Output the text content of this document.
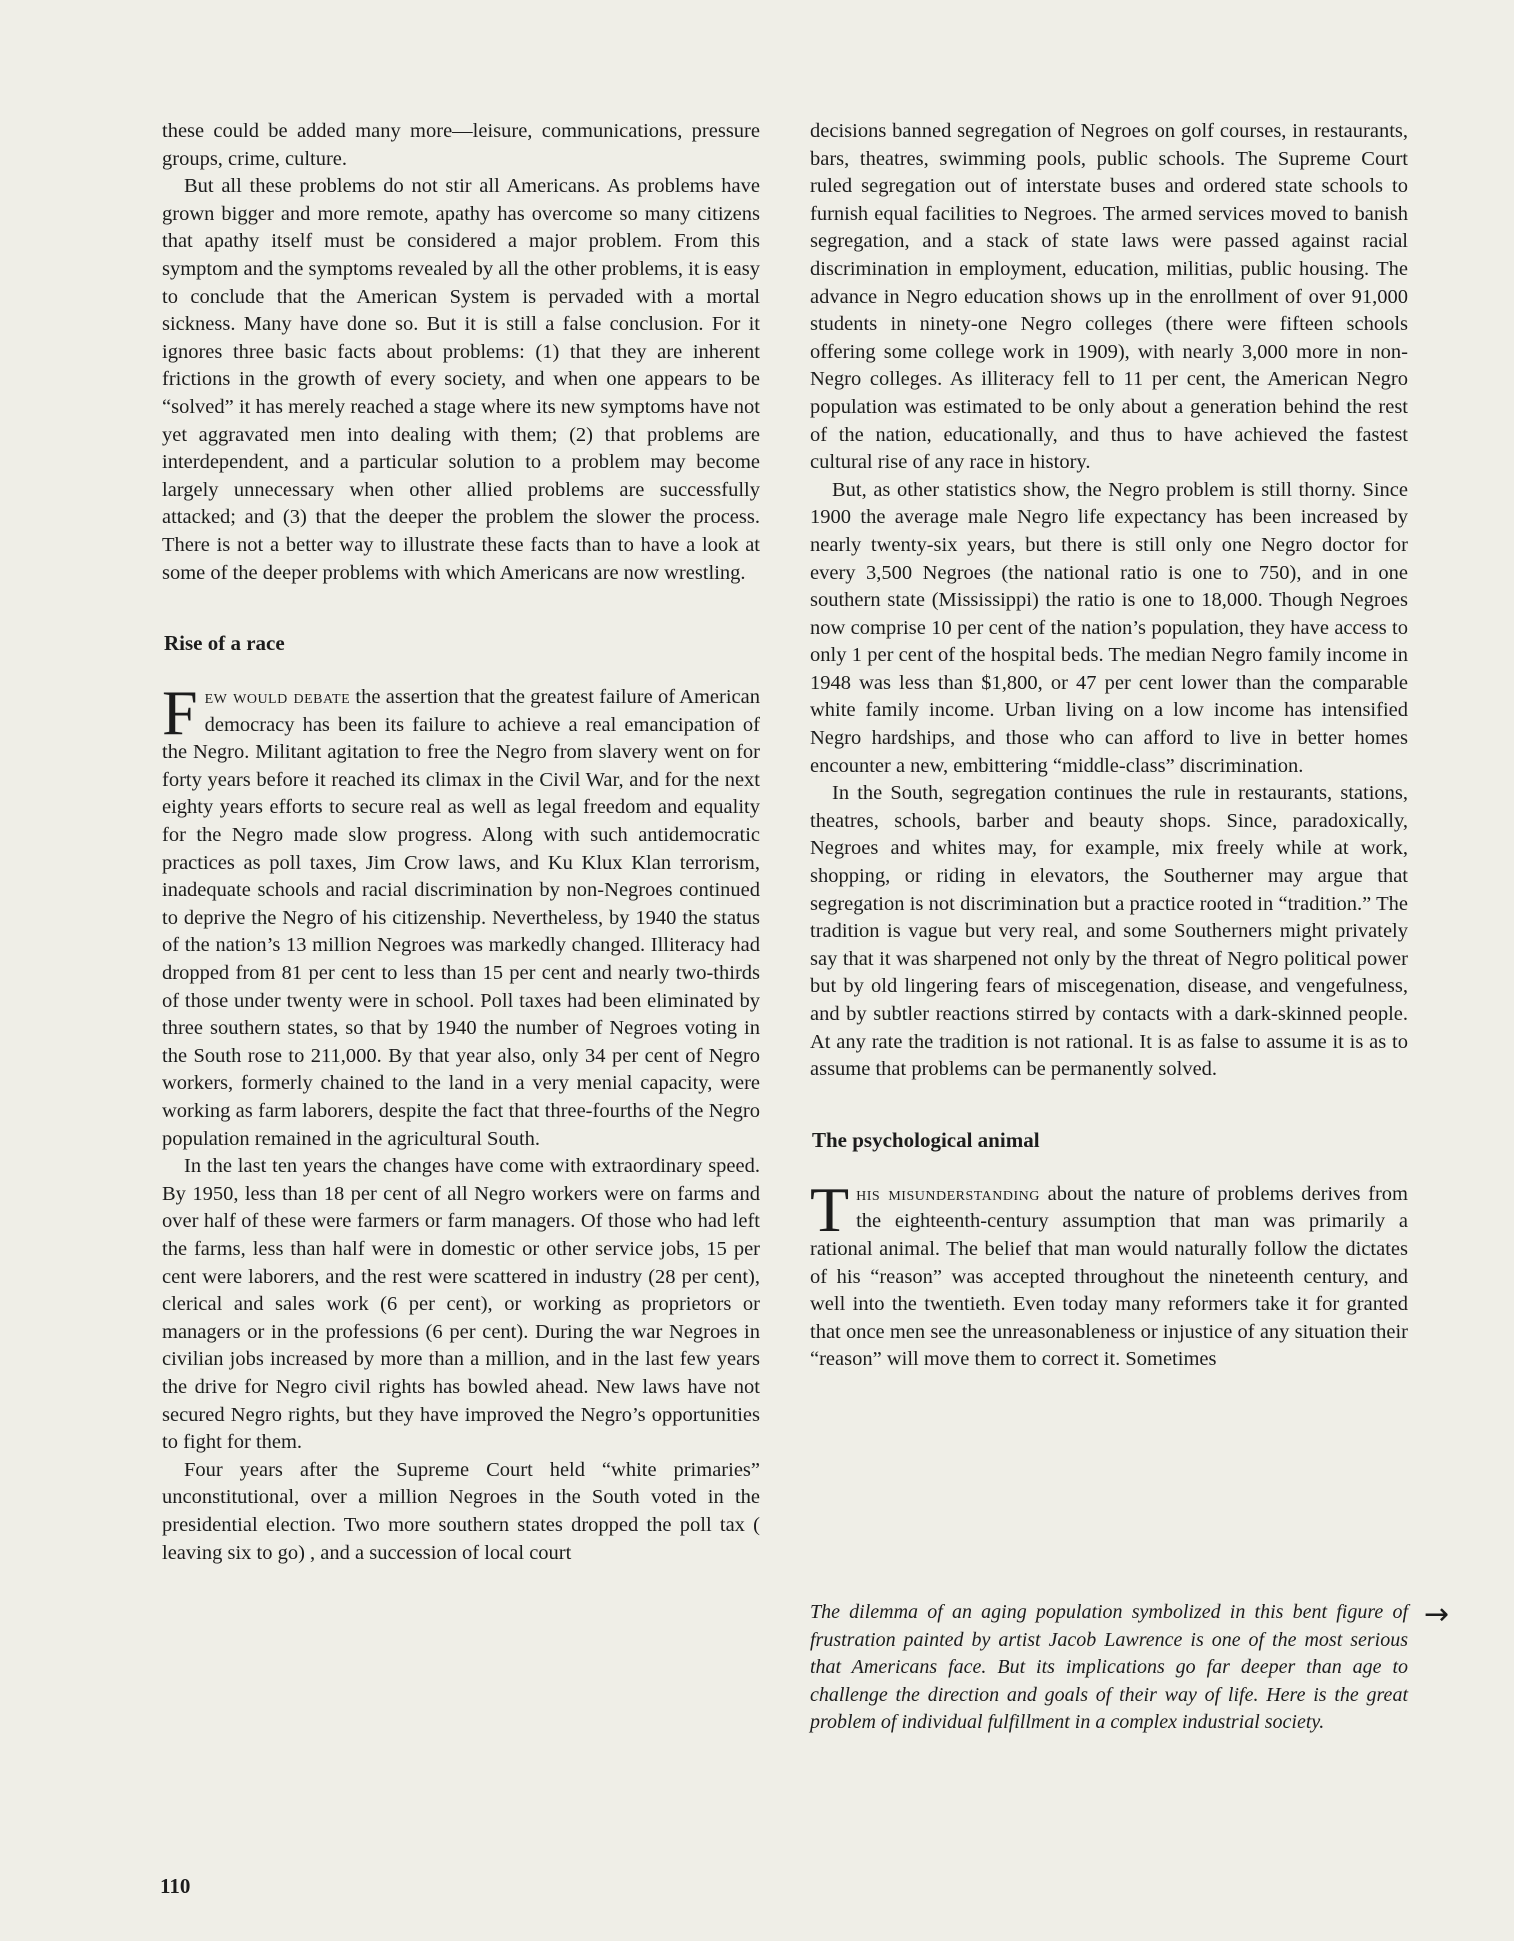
these could be added many more—leisure, communications, pressure groups, crime, culture.

But all these problems do not stir all Americans. As problems have grown bigger and more remote, apathy has overcome so many citizens that apathy itself must be considered a major problem. From this symptom and the symptoms revealed by all the other problems, it is easy to conclude that the American System is pervaded with a mortal sickness. Many have done so. But it is still a false conclusion. For it ignores three basic facts about problems: (1) that they are inherent frictions in the growth of every society, and when one appears to be “solved” it has merely reached a stage where its new symptoms have not yet aggravated men into dealing with them; (2) that problems are interdependent, and a particular solution to a problem may become largely unnecessary when other allied problems are successfully attacked; and (3) that the deeper the problem the slower the process. There is not a better way to illustrate these facts than to have a look at some of the deeper problems with which Americans are now wrestling.

Rise of a race

Few would debate the assertion that the greatest failure of American democracy has been its failure to achieve a real emancipation of the Negro. Militant agitation to free the Negro from slavery went on for forty years before it reached its climax in the Civil War, and for the next eighty years efforts to secure real as well as legal freedom and equality for the Negro made slow progress. Along with such antidemocratic practices as poll taxes, Jim Crow laws, and Ku Klux Klan terrorism, inadequate schools and racial discrimination by non-Negroes continued to deprive the Negro of his citizenship. Nevertheless, by 1940 the status of the nation’s 13 million Negroes was markedly changed. Illiteracy had dropped from 81 per cent to less than 15 per cent and nearly two-thirds of those under twenty were in school. Poll taxes had been eliminated by three southern states, so that by 1940 the number of Negroes voting in the South rose to 211,000. By that year also, only 34 per cent of Negro workers, formerly chained to the land in a very menial capacity, were working as farm laborers, despite the fact that three-fourths of the Negro population remained in the agricultural South.

In the last ten years the changes have come with extraordinary speed. By 1950, less than 18 per cent of all Negro workers were on farms and over half of these were farmers or farm managers. Of those who had left the farms, less than half were in domestic or other service jobs, 15 per cent were laborers, and the rest were scattered in industry (28 per cent), clerical and sales work (6 per cent), or working as proprietors or managers or in the professions (6 per cent). During the war Negroes in civilian jobs increased by more than a million, and in the last few years the drive for Negro civil rights has bowled ahead. New laws have not secured Negro rights, but they have improved the Negro’s opportunities to fight for them.

Four years after the Supreme Court held “white primaries” unconstitutional, over a million Negroes in the South voted in the presidential election. Two more southern states dropped the poll tax ( leaving six to go) , and a succession of local court

decisions banned segregation of Negroes on golf courses, in restaurants, bars, theatres, swimming pools, public schools. The Supreme Court ruled segregation out of interstate buses and ordered state schools to furnish equal facilities to Negroes. The armed services moved to banish segregation, and a stack of state laws were passed against racial discrimination in employment, education, militias, public housing. The advance in Negro education shows up in the enrollment of over 91,000 students in ninety-one Negro colleges (there were fifteen schools offering some college work in 1909), with nearly 3,000 more in non-Negro colleges. As illiteracy fell to 11 per cent, the American Negro population was estimated to be only about a generation behind the rest of the nation, educationally, and thus to have achieved the fastest cultural rise of any race in history.

But, as other statistics show, the Negro problem is still thorny. Since 1900 the average male Negro life expectancy has been increased by nearly twenty-six years, but there is still only one Negro doctor for every 3,500 Negroes (the national ratio is one to 750), and in one southern state (Mississippi) the ratio is one to 18,000. Though Negroes now comprise 10 per cent of the nation’s population, they have access to only 1 per cent of the hospital beds. The median Negro family income in 1948 was less than $1,800, or 47 per cent lower than the comparable white family income. Urban living on a low income has intensified Negro hardships, and those who can afford to live in better homes encounter a new, embittering “middle-class” discrimination.

In the South, segregation continues the rule in restaurants, stations, theatres, schools, barber and beauty shops. Since, paradoxically, Negroes and whites may, for example, mix freely while at work, shopping, or riding in elevators, the Southerner may argue that segregation is not discrimination but a practice rooted in “tradition.” The tradition is vague but very real, and some Southerners might privately say that it was sharpened not only by the threat of Negro political power but by old lingering fears of miscegenation, disease, and vengefulness, and by subtler reactions stirred by contacts with a dark-skinned people. At any rate the tradition is not rational. It is as false to assume it is as to assume that problems can be permanently solved.

The psychological animal

This misunderstanding about the nature of problems derives from the eighteenth-century assumption that man was primarily a rational animal. The belief that man would naturally follow the dictates of his “reason” was accepted throughout the nineteenth century, and well into the twentieth. Even today many reformers take it for granted that once men see the unreasonableness or injustice of any situation their “reason” will move them to correct it. Sometimes

The dilemma of an aging population symbolized in this bent figure of frustration painted by artist Jacob Lawrence is one of the most serious that Americans face. But its implications go far deeper than age to challenge the direction and goals of their way of life. Here is the great problem of individual fulfillment in a complex industrial society.

→
110
